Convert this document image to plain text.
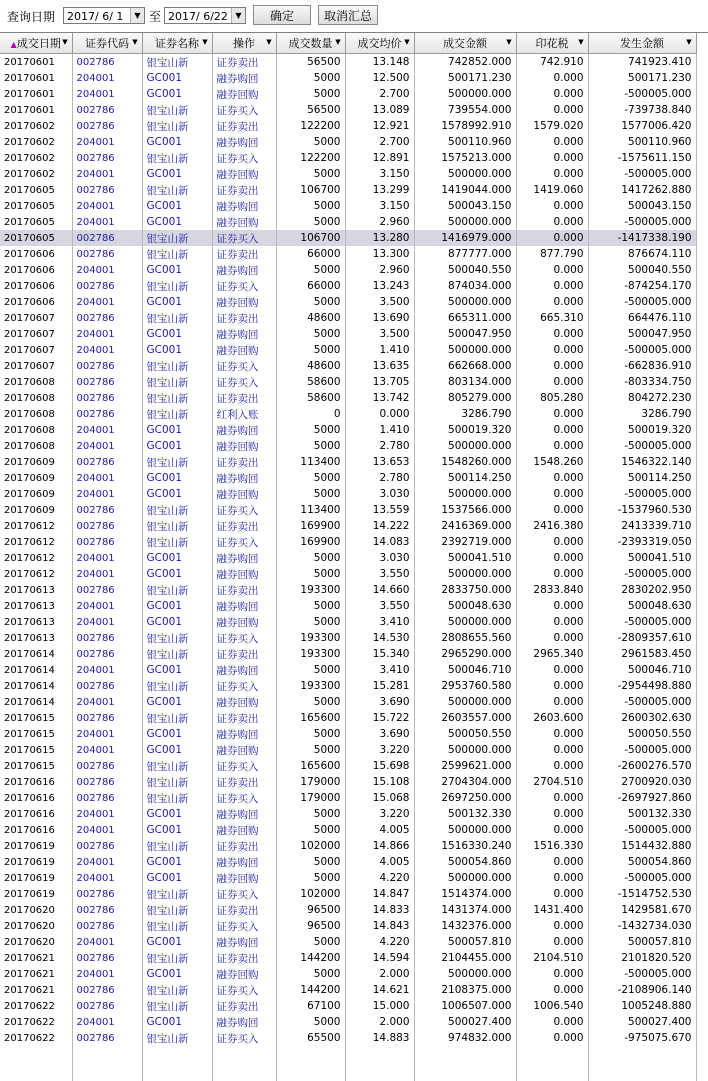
查询日期	2017/ 6/ 1	▼ 至 2017/ 6/22 ▼	确定	取消汇总
▲成交日期 ▼	证券代码 ▼	证券名称 ▼	操作 ▼	成交数量 ▼	成交均价 ▼	成交金额 ▼	印花税 ▼	发生金额 ▼

20170601	002786	银宝山新	证券卖出	56500	13.148	742852.000	742.910	741923.410
20170601	204001	GC001	融券购回	5000	12.500	500171.230	0.000	500171.230
20170601	204001	GC001	融券回购	5000	2.700	500000.000	0.000	-500005.000
20170601	002786	银宝山新	证券买入	56500	13.089	739554.000	0.000	-739738.840
20170602	002786	银宝山新	证券卖出	122200	12.921	1578992.910	1579.020	1577006.420
20170602	204001	GC001	融券购回	5000	2.700	500110.960	0.000	500110.960
20170602	002786	银宝山新	证券买入	122200	12.891	1575213.000	0.000	-1575611.150
20170602	204001	GC001	融券回购	5000	3.150	500000.000	0.000	-500005.000
20170605	002786	银宝山新	证券卖出	106700	13.299	1419044.000	1419.060	1417262.880
20170605	204001	GC001	融券购回	5000	3.150	500043.150	0.000	500043.150
20170605	204001	GC001	融券回购	5000	2.960	500000.000	0.000	-500005.000
20170605	002786	银宝山新	证券买入	106700	13.280	1416979.000	0.000	-1417338.190
20170606	002786	银宝山新	证券卖出	66000	13.300	877777.000	877.790	876674.110
20170606	204001	GC001	融券购回	5000	2.960	500040.550	0.000	500040.550
20170606	002786	银宝山新	证券买入	66000	13.243	874034.000	0.000	-874254.170
20170606	204001	GC001	融券回购	5000	3.500	500000.000	0.000	-500005.000
20170607	002786	银宝山新	证券卖出	48600	13.690	665311.000	665.310	664476.110
20170607	204001	GC001	融券购回	5000	3.500	500047.950	0.000	500047.950
20170607	204001	GC001	融券回购	5000	1.410	500000.000	0.000	-500005.000
20170607	002786	银宝山新	证券买入	48600	13.635	662668.000	0.000	-662836.910
20170608	002786	银宝山新	证券买入	58600	13.705	803134.000	0.000	-803334.750
20170608	002786	银宝山新	证券卖出	58600	13.742	805279.000	805.280	804272.230
20170608	002786	银宝山新	红利入账	0	0.000	3286.790	0.000	3286.790
20170608	204001	GC001	融券购回	5000	1.410	500019.320	0.000	500019.320
20170608	204001	GC001	融券回购	5000	2.780	500000.000	0.000	-500005.000
20170609	002786	银宝山新	证券卖出	113400	13.653	1548260.000	1548.260	1546322.140
20170609	204001	GC001	融券购回	5000	2.780	500114.250	0.000	500114.250
20170609	204001	GC001	融券回购	5000	3.030	500000.000	0.000	-500005.000
20170609	002786	银宝山新	证券买入	113400	13.559	1537566.000	0.000	-1537960.530
20170612	002786	银宝山新	证券卖出	169900	14.222	2416369.000	2416.380	2413339.710
20170612	002786	银宝山新	证券买入	169900	14.083	2392719.000	0.000	-2393319.050
20170612	204001	GC001	融券购回	5000	3.030	500041.510	0.000	500041.510
20170612	204001	GC001	融券回购	5000	3.550	500000.000	0.000	-500005.000
20170613	002786	银宝山新	证券卖出	193300	14.660	2833750.000	2833.840	2830202.950
20170613	204001	GC001	融券购回	5000	3.550	500048.630	0.000	500048.630
20170613	204001	GC001	融券回购	5000	3.410	500000.000	0.000	-500005.000
20170613	002786	银宝山新	证券买入	193300	14.530	2808655.560	0.000	-2809357.610
20170614	002786	银宝山新	证券卖出	193300	15.340	2965290.000	2965.340	2961583.450
20170614	204001	GC001	融券购回	5000	3.410	500046.710	0.000	500046.710
20170614	002786	银宝山新	证券买入	193300	15.281	2953760.580	0.000	-2954498.880
20170614	204001	GC001	融券回购	5000	3.690	500000.000	0.000	-500005.000
20170615	002786	银宝山新	证券卖出	165600	15.722	2603557.000	2603.600	2600302.630
20170615	204001	GC001	融券购回	5000	3.690	500050.550	0.000	500050.550
20170615	204001	GC001	融券回购	5000	3.220	500000.000	0.000	-500005.000
20170615	002786	银宝山新	证券买入	165600	15.698	2599621.000	0.000	-2600276.570
20170616	002786	银宝山新	证券卖出	179000	15.108	2704304.000	2704.510	2700920.030
20170616	002786	银宝山新	证券买入	179000	15.068	2697250.000	0.000	-2697927.860
20170616	204001	GC001	融券购回	5000	3.220	500132.330	0.000	500132.330
20170616	204001	GC001	融券回购	5000	4.005	500000.000	0.000	-500005.000
20170619	002786	银宝山新	证券卖出	102000	14.866	1516330.240	1516.330	1514432.880
20170619	204001	GC001	融券购回	5000	4.005	500054.860	0.000	500054.860
20170619	204001	GC001	融券回购	5000	4.220	500000.000	0.000	-500005.000
20170619	002786	银宝山新	证券买入	102000	14.847	1514374.000	0.000	-1514752.530
20170620	002786	银宝山新	证券卖出	96500	14.833	1431374.000	1431.400	1429581.670
20170620	002786	银宝山新	证券买入	96500	14.843	1432376.000	0.000	-1432734.030
20170620	204001	GC001	融券购回	5000	4.220	500057.810	0.000	500057.810
20170621	002786	银宝山新	证券卖出	144200	14.594	2104455.000	2104.510	2101820.520
20170621	204001	GC001	融券回购	5000	2.000	500000.000	0.000	-500005.000
20170621	002786	银宝山新	证券买入	144200	14.621	2108375.000	0.000	-2108906.140
20170622	002786	银宝山新	证券卖出	67100	15.000	1006507.000	1006.540	1005248.880
20170622	204001	GC001	融券购回	5000	2.000	500027.400	0.000	500027.400
20170622	002786	银宝山新	证券买入	65500	14.883	974832.000	0.000	-975075.670
